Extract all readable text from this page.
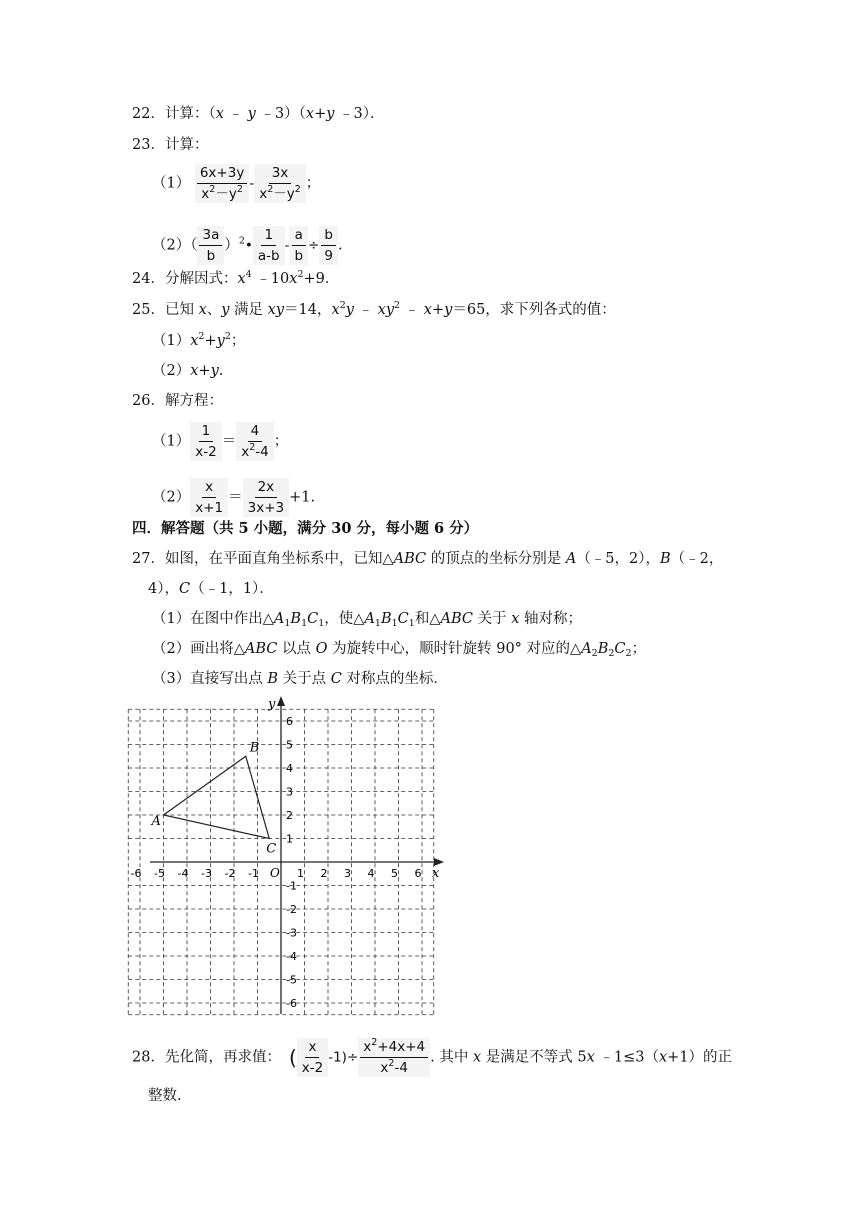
22．计算：（x ﹣ y ﹣3）（x+y ﹣3）．
23．计算：
$(1) \frac{6x+3y}{x^2-y^2} - \frac{3x}{x^2-y^2}$ ；
$(2)( \frac{3a}{b}$ ）$^2• \frac{1}{a-b} - \frac{a}{b} \div \frac{b}{9}$ .
24．分解因式：$x^4$ $﹣10x^2+9$．
25．已知 x、y 满足 xy＝14，$x^2y$ ﹣ $xy^2$ ﹣ x+y＝65，求下列各式的值：
$(1)x^2+y^2$；
（2）x+y.
26．解方程：
$(1) \frac{1}{x-2} = \frac{4}{x^2-4}$ ；
$(2) \frac{x}{x+1} = \frac{2x}{3x+3} +1$.
四．解答题（共 5 小题，满分 30 分，每小题 6 分）
27．如图，在平面直角坐标系中，已知△ABC 的顶点的坐标分别是 A（﹣5，2），B（﹣2，
4），C（﹣1，1）．
（1）在图中作出$\triangle A_1B_1C_1$，使$\triangle A_1B_1C_1$和△ABC 关于 x 轴对称；
（2）画出将△ABC 以点 O 为旋转中心，顺时针旋转 90° 对应的$\triangle A_2B_2C_2$；
（3）直接写出点 B 关于点 C 对称点的坐标．
x
y
O
-6 -5 -4 -3 -2 -1	1 2 3 4 5 6
6
5
4
3
2
1
-1
-2
-3
-4
-5
-6
A
B
C
28．先化简，再求值： ( $\frac{x}{x-2} -1)\div \frac{x^2+4x+4}{x^2-4}$ . 其中 x 是满足不等式 5x ﹣1≤3（x+1）的正
整数.
